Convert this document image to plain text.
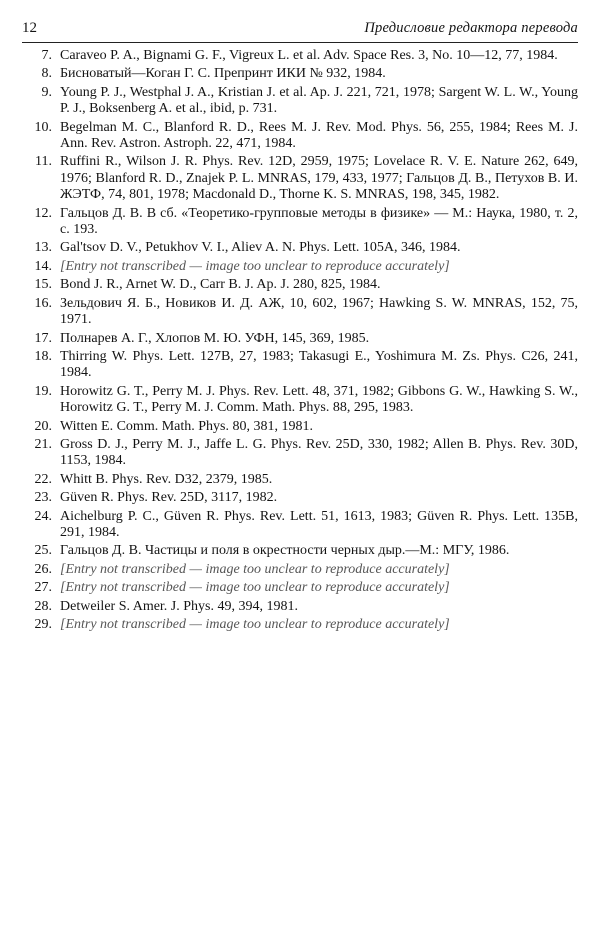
12	Предисловие редактора перевода
7. Caraveo P. A., Bignami G. F., Vigreux L. et al. Adv. Space Res. 3, No. 10—12, 77, 1984.
8. Бисноватый—Коган Г. С. Препринт ИКИ № 932, 1984.
9. Young P. J., Westphal J. A., Kristian J. et al. Ap. J. 221, 721, 1978; Sargent W. L. W., Young P. J., Boksenberg A. et al., ibid, p. 731.
10. Begelman M. C., Blanford R. D., Rees M. J. Rev. Mod. Phys. 56, 255, 1984; Rees M. J. Ann. Rev. Astron. Astroph. 22, 471, 1984.
11. Ruffini R., Wilson J. R. Phys. Rev. 12D, 2959, 1975; Lovelace R. V. E. Nature 262, 649, 1976; Blanford R. D., Znajek P. L. MNRAS, 179, 433, 1977; Гальцов Д. В., Петухов В. И. ЖЭТФ, 74, 801, 1978; Macdonald D., Thorne K. S. MNRAS, 198, 345, 1982.
12. Гальцов Д. В. В сб. «Теоретико-групповые методы в физике» — М.: Наука, 1980, т. 2, с. 193.
13. Gal'tsov D. V., Petukhov V. I., Aliev A. N. Phys. Lett. 105A, 346, 1984.
14. [Entry not transcribed — image too unclear to reproduce accurately]
15. Bond J. R., Arnet W. D., Carr B. J. Ap. J. 280, 825, 1984.
16. Зельдович Я. Б., Новиков И. Д. АЖ, 10, 602, 1967; Hawking S. W. MNRAS, 152, 75, 1971.
17. Полнарев А. Г., Хлопов М. Ю. УФН, 145, 369, 1985.
18. Thirring W. Phys. Lett. 127B, 27, 1983; Takasugi E., Yoshimura M. Zs. Phys. C26, 241, 1984.
19. Horowitz G. T., Perry M. J. Phys. Rev. Lett. 48, 371, 1982; Gibbons G. W., Hawking S. W., Horowitz G. T., Perry M. J. Comm. Math. Phys. 88, 295, 1983.
20. Witten E. Comm. Math. Phys. 80, 381, 1981.
21. Gross D. J., Perry M. J., Jaffe L. G. Phys. Rev. 25D, 330, 1982; Allen B. Phys. Rev. 30D, 1153, 1984.
22. Whitt B. Phys. Rev. D32, 2379, 1985.
23. Güven R. Phys. Rev. 25D, 3117, 1982.
24. Aichelburg P. C., Güven R. Phys. Rev. Lett. 51, 1613, 1983; Güven R. Phys. Lett. 135B, 291, 1984.
25. Гальцов Д. В. Частицы и поля в окрестности черных дыр.—М.: МГУ, 1986.
26. [Entry not transcribed — image too unclear to reproduce accurately]
27. [Entry not transcribed — image too unclear to reproduce accurately]
28. Detweiler S. Amer. J. Phys. 49, 394, 1981.
29. [Entry not transcribed — image too unclear to reproduce accurately]
